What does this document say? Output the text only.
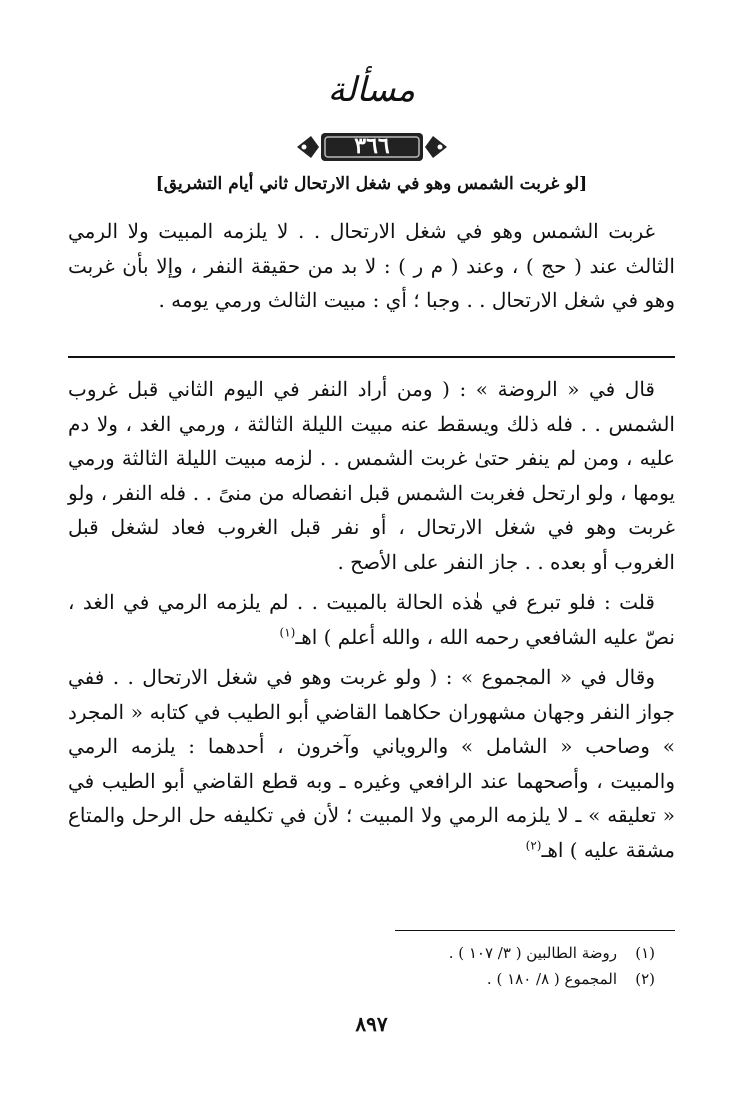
مسألة
٣٦٦
[لو غربت الشمس وهو في شغل الارتحال ثاني أيام التشريق]

غربت الشمس وهو في شغل الارتحال . . لا يلزمه المبيت ولا الرمي الثالث عند ( حج ) ، وعند ( م ر ) : لا بد من حقيقة النفر ، وإلا بأن غربت وهو في شغل الارتحال . . وجبا ؛ أي : مبيت الثالث ورمي يومه .

قال في « الروضة » : ( ومن أراد النفر في اليوم الثاني قبل غروب الشمس . . فله ذلك ويسقط عنه مبيت الليلة الثالثة ، ورمي الغد ، ولا دم عليه ، ومن لم ينفر حتىٰ غربت الشمس . . لزمه مبيت الليلة الثالثة ورمي يومها ، ولو ارتحل فغربت الشمس قبل انفصاله من منىً . . فله النفر ، ولو غربت وهو في شغل الارتحال ، أو نفر قبل الغروب فعاد لشغل قبل الغروب أو بعده . . جاز النفر على الأصح .

قلت : فلو تبرع في هٰذه الحالة بالمبيت . . لم يلزمه الرمي في الغد ، نصّ عليه الشافعي رحمه الله ، والله أعلم ) اهـ$^{(١)}$

وقال في « المجموع » : ( ولو غربت وهو في شغل الارتحال . . ففي جواز النفر وجهان مشهوران حكاهما القاضي أبو الطيب في كتابه « المجرد » وصاحب « الشامل » والروياني وآخرون ، أحدهما : يلزمه الرمي والمبيت ، وأصحهما عند الرافعي وغيره ـ وبه قطع القاضي أبو الطيب في « تعليقه » ـ لا يلزمه الرمي ولا المبيت ؛ لأن في تكليفه حل الرحل والمتاع مشقة عليه ) اهـ$^{(٢)}$

(١)روضة الطالبين ( ٣/ ١٠٧ ) .
(٢)المجموع ( ٨/ ١٨٠ ) .
٨٩٧
